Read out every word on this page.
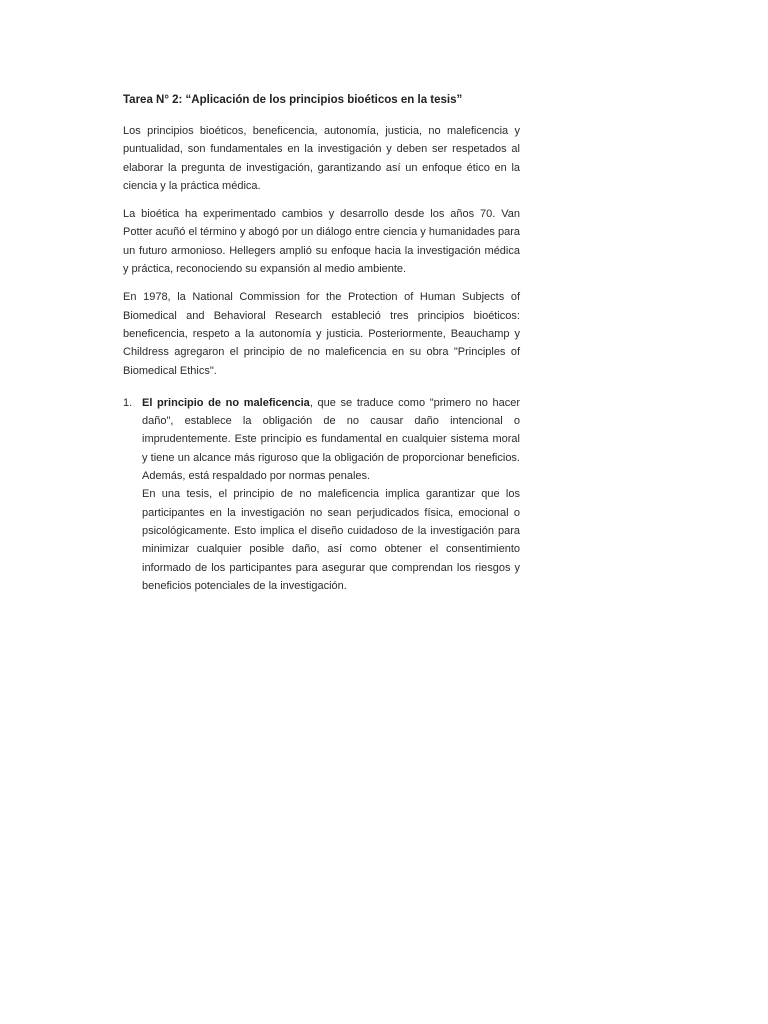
Tarea N° 2: “Aplicación de los principios bioéticos en la tesis”

Los principios bioéticos, beneficencia, autonomía, justicia, no maleficencia y puntualidad, son fundamentales en la investigación y deben ser respetados al elaborar la pregunta de investigación, garantizando así un enfoque ético en la ciencia y la práctica médica.

La bioética ha experimentado cambios y desarrollo desde los años 70. Van Potter acuñó el término y abogó por un diálogo entre ciencia y humanidades para un futuro armonioso. Hellegers amplió su enfoque hacia la investigación médica y práctica, reconociendo su expansión al medio ambiente.

En 1978, la National Commission for the Protection of Human Subjects of Biomedical and Behavioral Research estableció tres principios bioéticos: beneficencia, respeto a la autonomía y justicia. Posteriormente, Beauchamp y Childress agregaron el principio de no maleficencia en su obra "Principles of Biomedical Ethics".

1. El principio de no maleficencia, que se traduce como "primero no hacer daño", establece la obligación de no causar daño intencional o imprudentemente. Este principio es fundamental en cualquier sistema moral y tiene un alcance más riguroso que la obligación de proporcionar beneficios. Además, está respaldado por normas penales.

En una tesis, el principio de no maleficencia implica garantizar que los participantes en la investigación no sean perjudicados física, emocional o psicológicamente. Esto implica el diseño cuidadoso de la investigación para minimizar cualquier posible daño, así como obtener el consentimiento informado de los participantes para asegurar que comprendan los riesgos y beneficios potenciales de la investigación.
